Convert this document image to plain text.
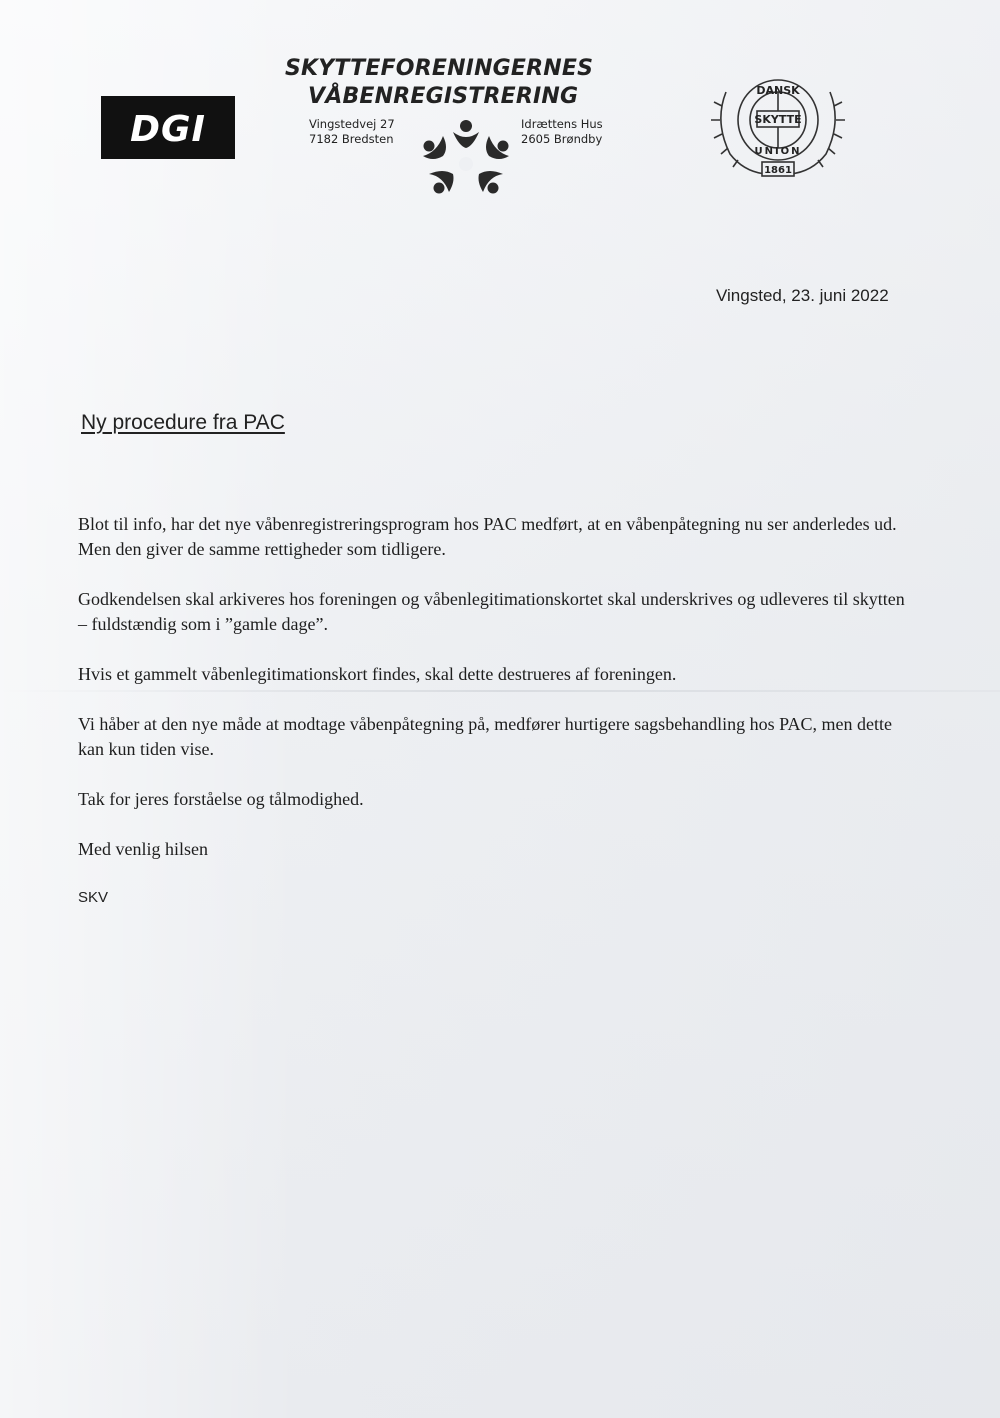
DGI
SKYTTEFORENINGERNES
VÅBENREGISTRERING
Vingstedvej 27
7182 Bredsten
Idrættens Hus
2605 Brøndby
DANSK
SKYTTE
UNION
1861
Vingsted, 23. juni 2022
Ny procedure fra PAC

Blot til info, har det nye våbenregistreringsprogram hos PAC medført, at en våbenpåtegning nu ser anderledes ud. Men den giver de samme rettigheder som tidligere.

Godkendelsen skal arkiveres hos foreningen og våbenlegitimationskortet skal underskrives og udleveres til skytten – fuldstændig som i ”gamle dage”.

Hvis et gammelt våbenlegitimationskort findes, skal dette destrueres af foreningen.

Vi håber at den nye måde at modtage våbenpåtegning på, medfører hurtigere sagsbehandling hos PAC, men dette kan kun tiden vise.

Tak for jeres forståelse og tålmodighed.

Med venlig hilsen

SKV
